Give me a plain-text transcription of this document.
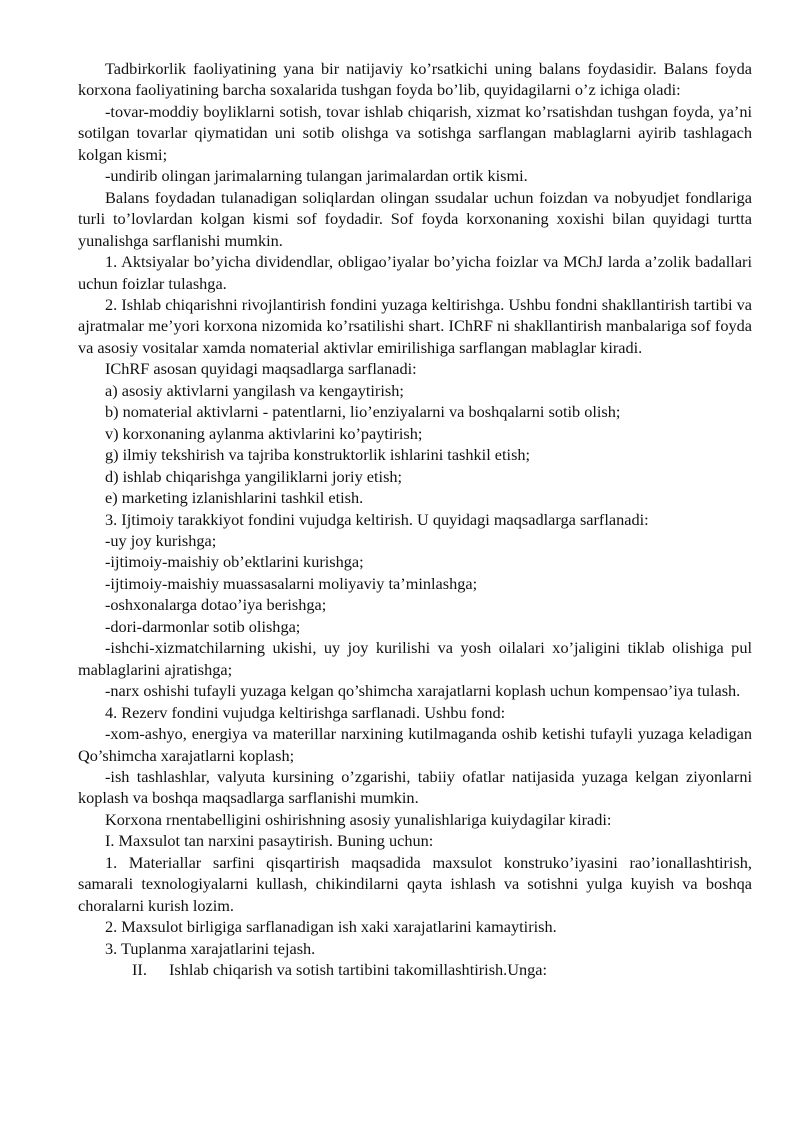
Tadbirkorlik faoliyatining yana bir natijaviy ko’rsatkichi uning balans foydasidir. Balans foyda korxona faoliyatining barcha soxalarida tushgan foyda bo’lib, quyidagilarni o’z ichiga oladi:

-tovar-moddiy boyliklarni sotish, tovar ishlab chiqarish, xizmat ko’rsatishdan tushgan foyda, ya’ni sotilgan tovarlar qiymatidan uni sotib olishga va sotishga sarflangan mablaglarni ayirib tashlagach kolgan kismi;

-undirib olingan jarimalarning tulangan jarimalardan ortik kismi.

Balans foydadan tulanadigan soliqlardan olingan ssudalar uchun foizdan va nobyudjet fondlariga turli to’lovlardan kolgan kismi sof foydadir. Sof foyda korxonaning xoxishi bilan quyidagi turtta yunalishga sarflanishi mumkin.

1. Aktsiyalar bo’yicha dividendlar, obligao’iyalar bo’yicha foizlar va MChJ larda a’zolik badallari uchun foizlar tulashga.

2. Ishlab chiqarishni rivojlantirish fondini yuzaga keltirishga. Ushbu fondni shakllantirish tartibi va ajratmalar me’yori korxona nizomida ko’rsatilishi shart. IChRF ni shakllantirish manbalariga sof foyda va asosiy vositalar xamda nomaterial aktivlar emirilishiga sarflangan mablaglar kiradi.

IChRF asosan quyidagi maqsadlarga sarflanadi:

a) asosiy aktivlarni yangilash va kengaytirish;

b) nomaterial aktivlarni - patentlarni, lio’enziyalarni va boshqalarni sotib olish;

v) korxonaning aylanma aktivlarini ko’paytirish;

g) ilmiy tekshirish va tajriba konstruktorlik ishlarini tashkil etish;

d) ishlab chiqarishga yangiliklarni joriy etish;

e) marketing izlanishlarini tashkil etish.

3. Ijtimoiy tarakkiyot fondini vujudga keltirish. U quyidagi maqsadlarga sarflanadi:

-uy joy kurishga;

-ijtimoiy-maishiy ob’ektlarini kurishga;

-ijtimoiy-maishiy muassasalarni moliyaviy ta’minlashga;

-oshxonalarga dotao’iya berishga;

-dori-darmonlar sotib olishga;

-ishchi-xizmatchilarning ukishi, uy joy kurilishi va yosh oilalari xo’jaligini tiklab olishiga pul mablaglarini ajratishga;

-narx oshishi tufayli yuzaga kelgan qo’shimcha xarajatlarni koplash uchun kompensao’iya tulash.

4. Rezerv fondini vujudga keltirishga sarflanadi. Ushbu fond:

-xom-ashyo, energiya va materillar narxining kutilmaganda oshib ketishi tufayli yuzaga keladigan Qo’shimcha xarajatlarni koplash;

-ish tashlashlar, valyuta kursining o’zgarishi, tabiiy ofatlar natijasida yuzaga kelgan ziyonlarni koplash va boshqa maqsadlarga sarflanishi mumkin.

Korxona rnentabelligini oshirishning asosiy yunalishlariga kuiydagilar kiradi:

I. Maxsulot tan narxini pasaytirish. Buning uchun:

1. Materiallar sarfini qisqartirish maqsadida maxsulot konstruko’iyasini rao’ionallashtirish, samarali texnologiyalarni kullash, chikindilarni qayta ishlash va sotishni yulga kuyish va boshqa choralarni kurish lozim.

2. Maxsulot birligiga sarflanadigan ish xaki xarajatlarini kamaytirish.

3. Tuplanma xarajatlarini tejash.

II. Ishlab chiqarish va sotish tartibini takomillashtirish.Unga:
